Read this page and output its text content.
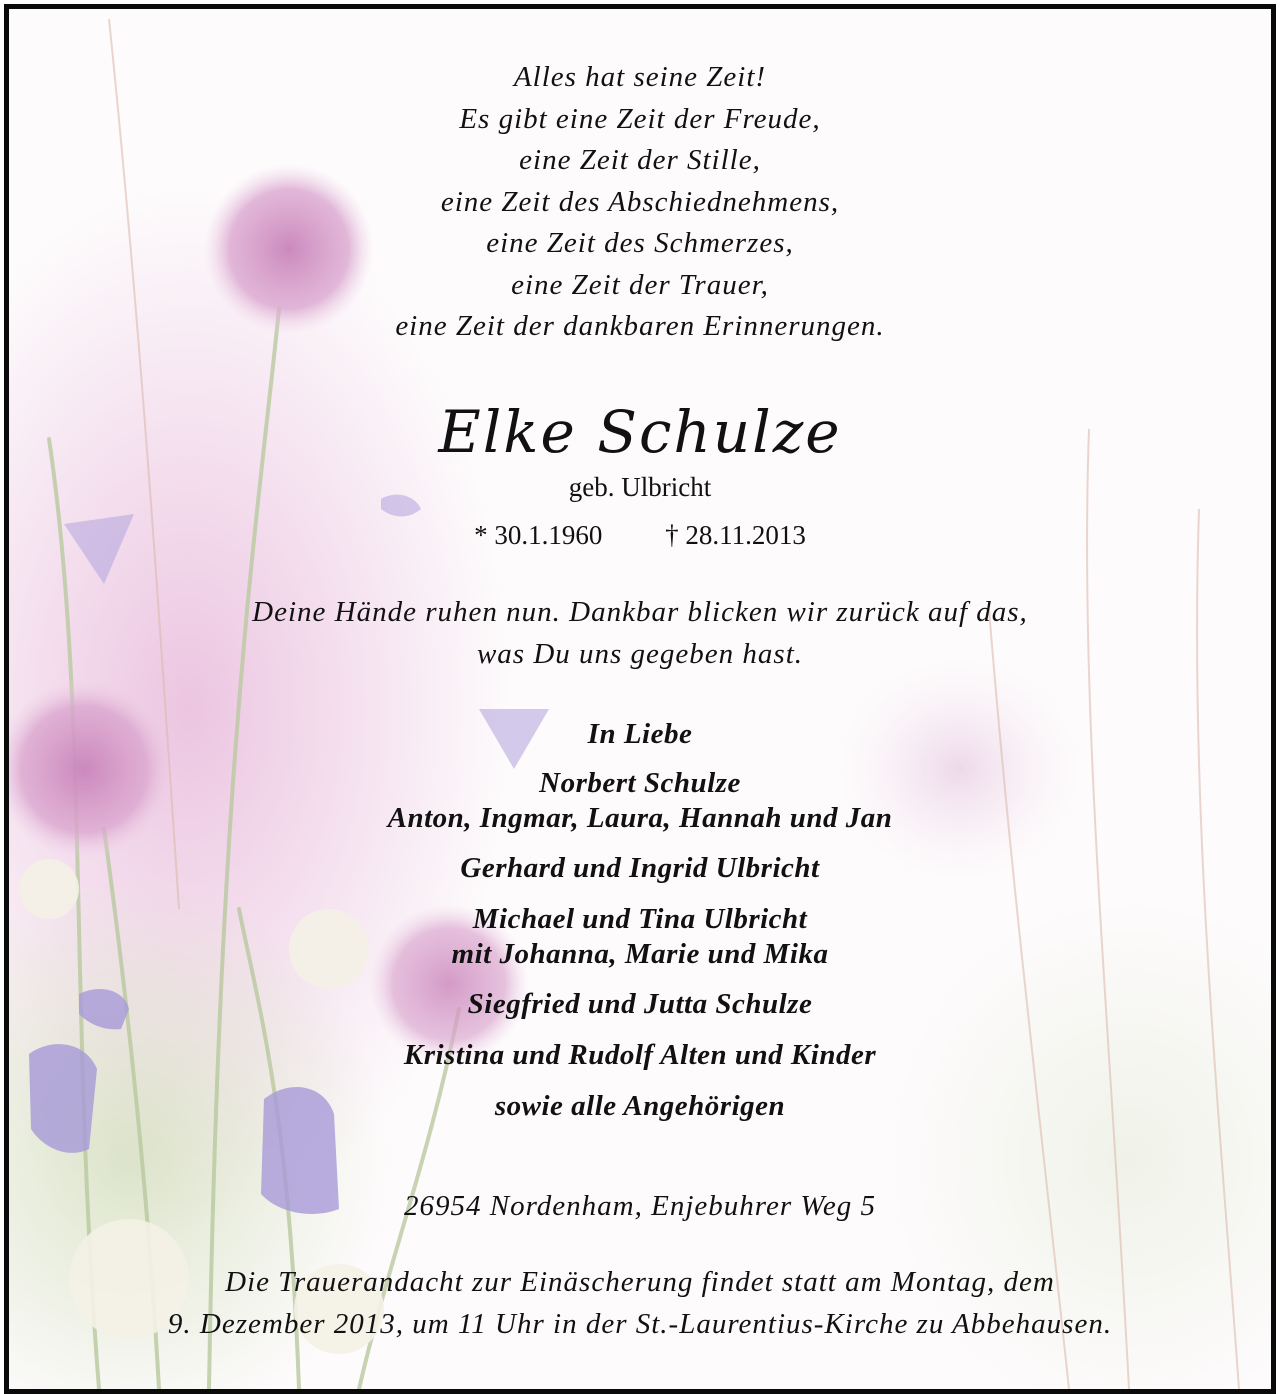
Alles hat seine Zeit!
Es gibt eine Zeit der Freude,
eine Zeit der Stille,
eine Zeit des Abschiednehmens,
eine Zeit des Schmerzes,
eine Zeit der Trauer,
eine Zeit der dankbaren Erinnerungen.
Elke Schulze
geb. Ulbricht
* 30.1.1960 † 28.11.2013
Deine Hände ruhen nun. Dankbar blicken wir zurück auf das,
was Du uns gegeben hast.
In Liebe
Norbert Schulze
Anton, Ingmar, Laura, Hannah und Jan
Gerhard und Ingrid Ulbricht
Michael und Tina Ulbricht
mit Johanna, Marie und Mika
Siegfried und Jutta Schulze
Kristina und Rudolf Alten und Kinder
sowie alle Angehörigen
26954 Nordenham, Enjebuhrer Weg 5
Die Trauerandacht zur Einäscherung findet statt am Montag, dem
9. Dezember 2013, um 11 Uhr in der St.-Laurentius-Kirche zu Abbehausen.
